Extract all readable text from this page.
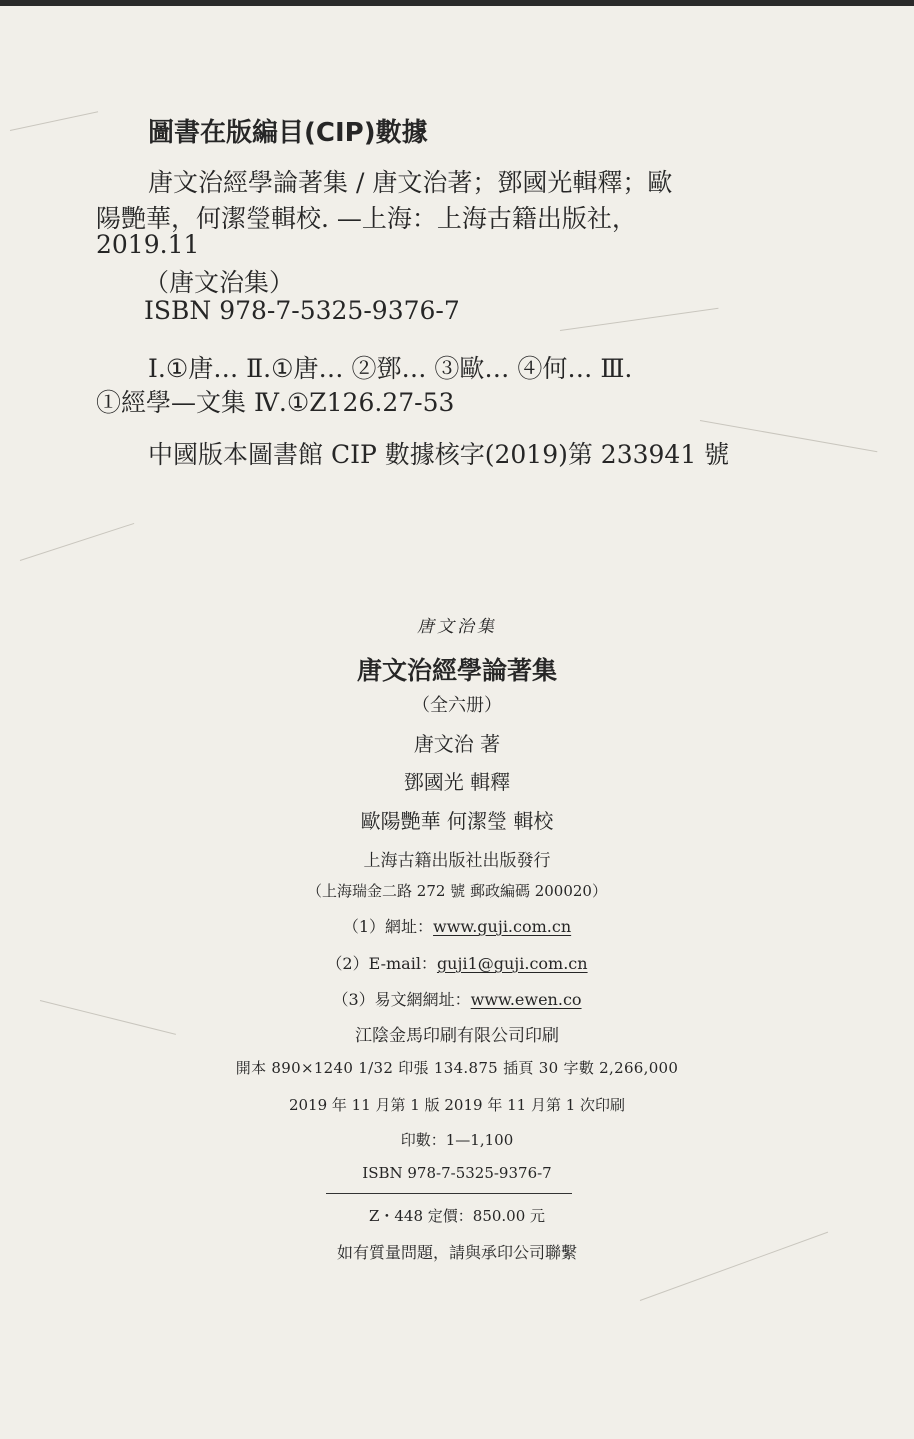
圖書在版編目(CIP)數據
唐文治經學論著集 / 唐文治著；鄧國光輯釋；歐
陽艷華，何潔瑩輯校. —上海：上海古籍出版社，
2019.11
（唐文治集）
ISBN 978-7-5325-9376-7
Ⅰ.①唐… Ⅱ.①唐… ②鄧… ③歐… ④何… Ⅲ.
①經學—文集 Ⅳ.①Z126.27-53
中國版本圖書館 CIP 數據核字(2019)第 233941 號
唐文治集
唐文治經學論著集
（全六册）
唐文治 著
鄧國光 輯釋
歐陽艷華 何潔瑩 輯校
上海古籍出版社出版發行
（上海瑞金二路 272 號 郵政編碼 200020）
（1）網址：www.guji.com.cn
（2）E-mail：guji1@guji.com.cn
（3）易文網網址：www.ewen.co
江陰金馬印刷有限公司印刷
開本 890×1240 1/32 印張 134.875 插頁 30 字數 2,266,000
2019 年 11 月第 1 版 2019 年 11 月第 1 次印刷
印數：1—1,100
ISBN 978-7-5325-9376-7
Z・448 定價：850.00 元
如有質量問題，請與承印公司聯繫
